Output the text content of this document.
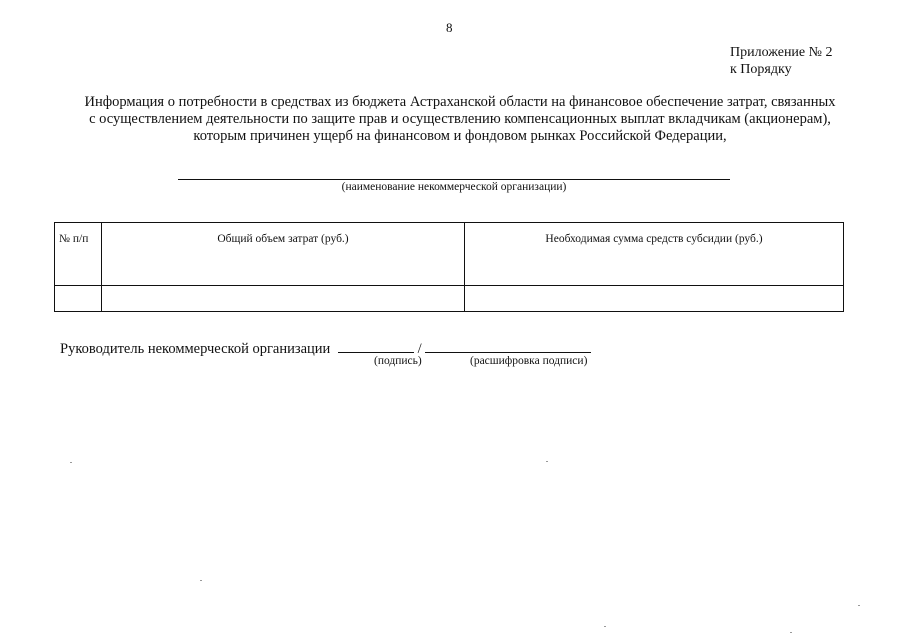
8
Приложение № 2
к Порядку
Информация о потребности в средствах из бюджета Астраханской области на финансовое обеспечение затрат, связанных
с осуществлением деятельности по защите прав и осуществлению компенсационных выплат вкладчикам (акционерам),
которым причинен ущерб на финансовом и фондовом рынках Российской Федерации,
(наименование некоммерческой организации)
№ п/п	Общий объем затрат (руб.)	Необходимая сумма средств субсидии (руб.)

Руководитель некоммерческой организации	/
(подпись)	(расшифровка подписи)
